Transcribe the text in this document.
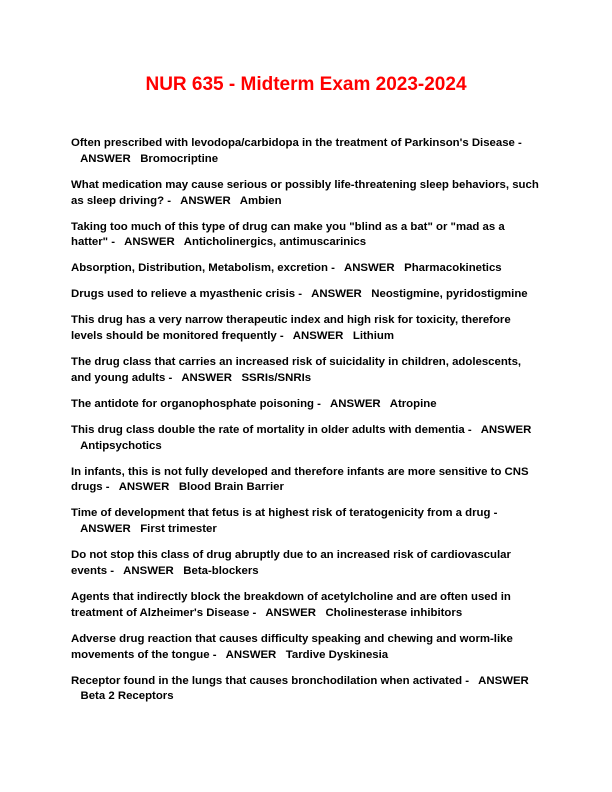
NUR 635 - Midterm Exam 2023-2024
Often prescribed with levodopa/carbidopa in the treatment of Parkinson's Disease -   ANSWER Bromocriptine
What medication may cause serious or possibly life-threatening sleep behaviors, such as sleep driving? - ANSWER Ambien
Taking too much of this type of drug can make you "blind as a bat" or "mad as a hatter" - ANSWER Anticholinergics, antimuscarinics
Absorption, Distribution, Metabolism, excretion - ANSWER Pharmacokinetics
Drugs used to relieve a myasthenic crisis - ANSWER Neostigmine, pyridostigmine
This drug has a very narrow therapeutic index and high risk for toxicity, therefore levels should be monitored frequently - ANSWER Lithium
The drug class that carries an increased risk of suicidality in children, adolescents, and young adults - ANSWER SSRIs/SNRIs
The antidote for organophosphate poisoning - ANSWER Atropine
This drug class double the rate of mortality in older adults with dementia - ANSWER   Antipsychotics
In infants, this is not fully developed and therefore infants are more sensitive to CNS drugs - ANSWER Blood Brain Barrier
Time of development that fetus is at highest risk of teratogenicity from a drug -   ANSWER First trimester
Do not stop this class of drug abruptly due to an increased risk of cardiovascular events - ANSWER Beta-blockers
Agents that indirectly block the breakdown of acetylcholine and are often used in treatment of Alzheimer's Disease - ANSWER Cholinesterase inhibitors
Adverse drug reaction that causes difficulty speaking and chewing and worm-like movements of the tongue - ANSWER Tardive Dyskinesia
Receptor found in the lungs that causes bronchodilation when activated - ANSWER   Beta 2 Receptors
